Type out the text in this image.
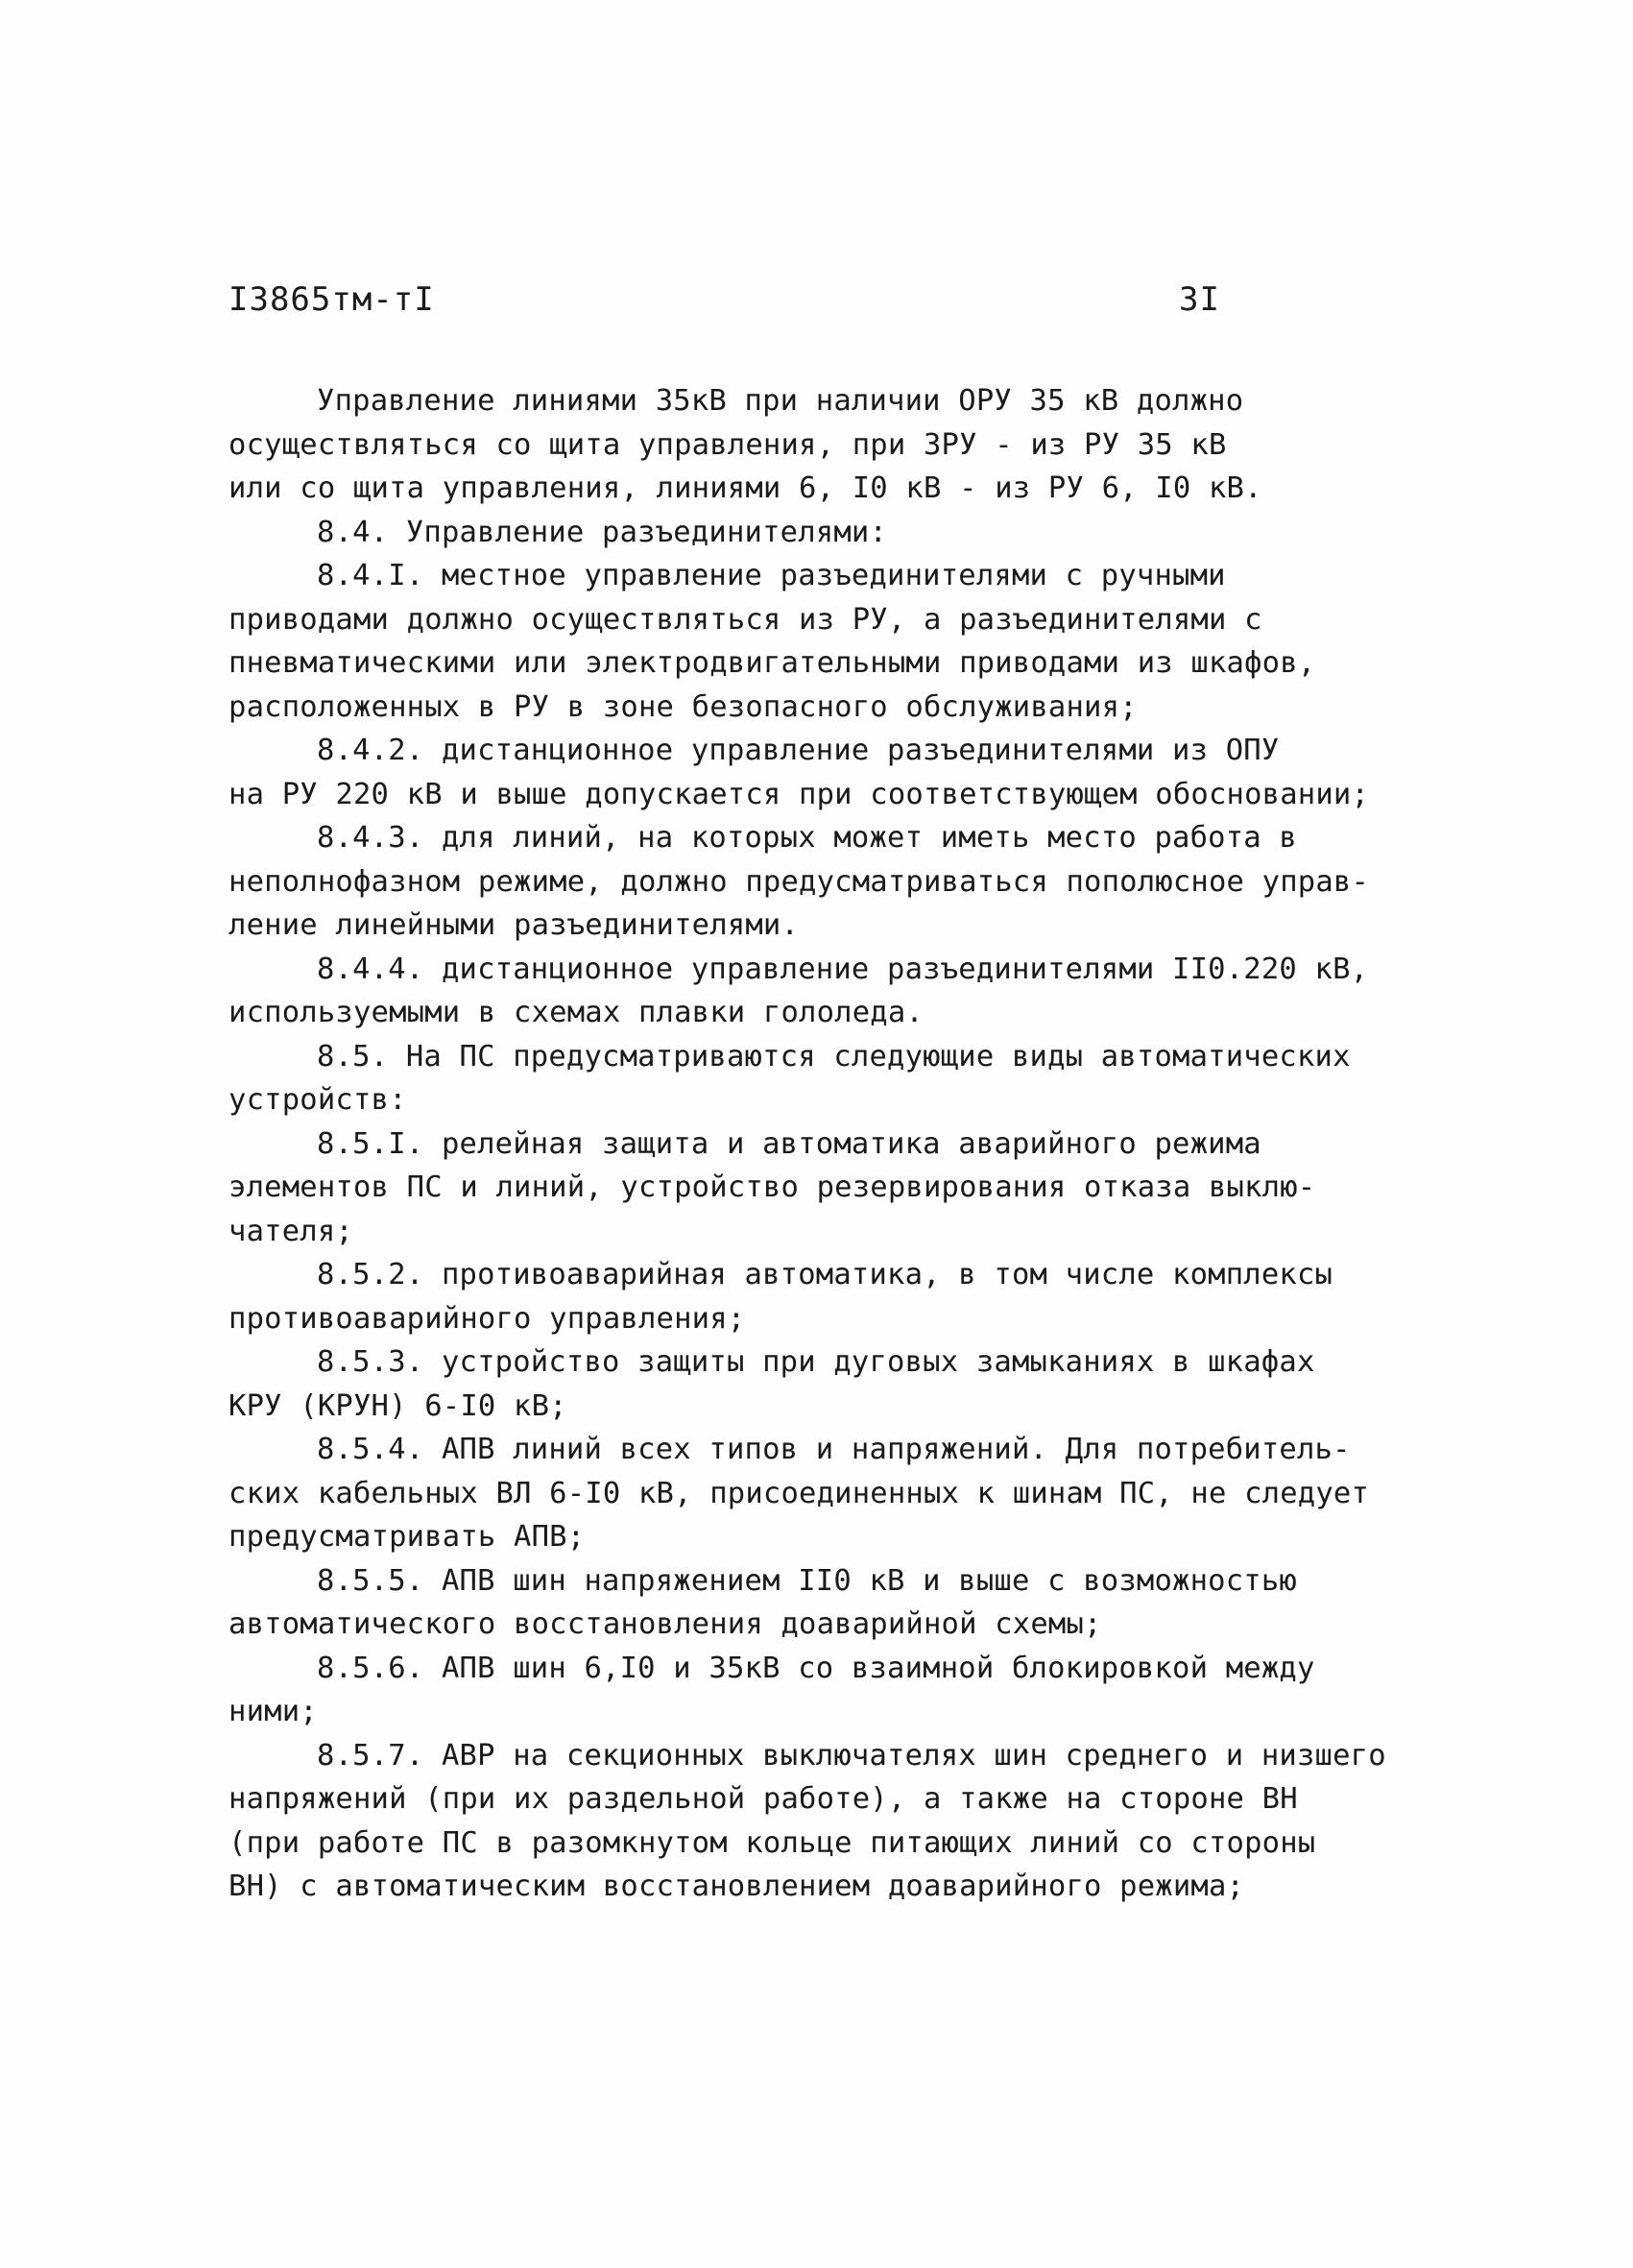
I3865тм-тI	3I
Управление линиями 35кВ при наличии ОРУ 35 кВ должно
осуществляться со щита управления, при ЗРУ - из РУ 35 кВ
или со щита управления, линиями 6, I0 кВ - из РУ 6, I0 кВ.
8.4. Управление разъединителями:
8.4.I. местное управление разъединителями с ручными
приводами должно осуществляться из РУ, а разъединителями с
пневматическими или электродвигательными приводами из шкафов,
расположенных в РУ в зоне безопасного обслуживания;
8.4.2. дистанционное управление разъединителями из ОПУ
на РУ 220 кВ и выше допускается при соответствующем обосновании;
8.4.3. для линий, на которых может иметь место работа в
неполнофазном режиме, должно предусматриваться пополюсное управ-
ление линейными разъединителями.
8.4.4. дистанционное управление разъединителями II0.220 кВ,
используемыми в схемах плавки гололеда.
8.5. На ПС предусматриваются следующие виды автоматических
устройств:
8.5.I. релейная защита и автоматика аварийного режима
элементов ПС и линий, устройство резервирования отказа выклю-
чателя;
8.5.2. противоаварийная автоматика, в том числе комплексы
противоаварийного управления;
8.5.3. устройство защиты при дуговых замыканиях в шкафах
КРУ (КРУН) 6-I0 кВ;
8.5.4. АПВ линий всех типов и напряжений. Для потребитель-
ских кабельных ВЛ 6-I0 кВ, присоединенных к шинам ПС, не следует
предусматривать АПВ;
8.5.5. АПВ шин напряжением II0 кВ и выше с возможностью
автоматического восстановления доаварийной схемы;
8.5.6. АПВ шин 6,I0 и 35кВ со взаимной блокировкой между
ними;
8.5.7. АВР на секционных выключателях шин среднего и низшего
напряжений (при их раздельной работе), а также на стороне ВН
(при работе ПС в разомкнутом кольце питающих линий со стороны
ВН) с автоматическим восстановлением доаварийного режима;
